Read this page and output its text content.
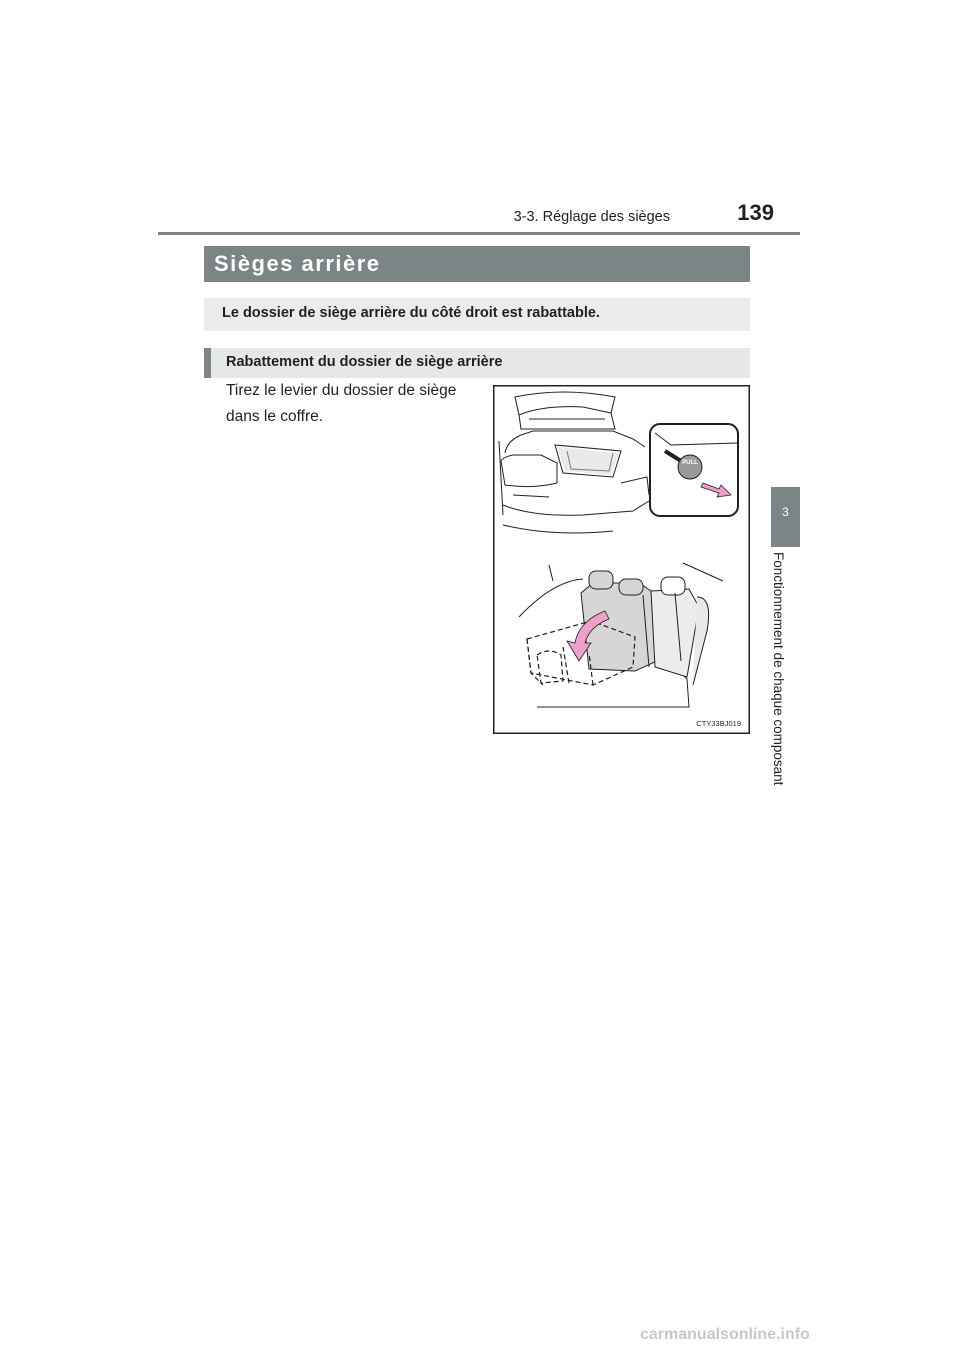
139
3-3. Réglage des sièges
3
Fonctionnement de chaque composant
Sièges arrière
Le dossier de siège arrière du côté droit est rabattable.
Rabattement du dossier de siège arrière
Tirez le levier du dossier de siège
dans le coffre.
PULL
CTY33BJ019
carmanualsonline.info
